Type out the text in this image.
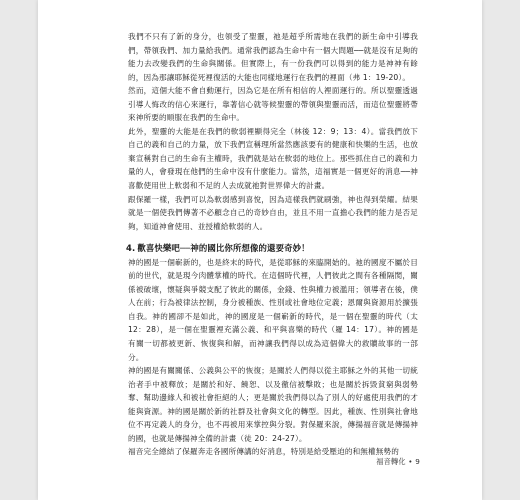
我們不只有了新的身分，也領受了聖靈，祂是超乎所需地在我們的新生命中引導我們，帶領我們、加力量給我們。通常我們認為生命中有一個大問題──就是沒有足夠的能力去改變我們的生命與關係。但實際上，有一份我們可以得到的能力是神神有餘的，因為那讓耶穌從死裡復活的大能也同樣地運行在我們的裡面（弗 1：19-20）。

然而，這個大能不會自動運行，因為它是在所有相信的人裡面運行的。所以聖靈透過引導人悔改的信心來運行，靠著信心就等候聖靈的帶領與聖靈而活，而這位聖靈將帶來神所要的順服在我們的生命中。

此外，聖靈的大能是在我們的軟弱裡顯得完全（林後 12：9；13：4）。當我們放下自己的義和自己的力量，放下我們宣稱理所當然應該要有的健康和快樂的生活，也放棄宣稱對自己的生命有主權時，我們就是站在軟弱的地位上。那些抓住自己的義和力量的人，會發現在他們的生命中沒有什麼能力。當然，這福實是一個更好的消息──神喜歡使用世上軟弱和不足的人去成就祂對世界偉大的計畫。

跟保羅一樣，我們可以為軟弱感到喜悅，因為這樣我們就刷強，神也得到榮耀。結果就是一個使我們傳著不必顧念自己的奇妙自由，並且不用一直擔心我們的能力是否足夠，知道神會使用、並授權給軟弱的人。

4. 歡喜快樂吧──神的國比你所想像的還要奇妙！

神的國是一個嶄新的，也是終末的時代，是從耶穌的來臨開始的。祂的國度不屬於目前的世代，就是現今肉體掌權的時代。在這個時代裡，人們彼此之間有各種隔閡，關係被破壞，懷疑與爭競支配了彼此的關係，金錢、性與權力被濫用；領導者在後，僕人在前；行為被律法控制，身分被種族、性別或社會地位定義；恩爾與資源用於擴張自我。神的國卻不是如此，神的國度是一個嶄新的時代，是一個在聖靈的時代（太 12：28），是一個在聖靈裡充滿公義、和平與喜樂的時代（羅 14：17）。神的國是有關一切都被更新、恢復與和解，而神讓我們得以成為這個偉大的救贖故事的一部分。

神的國是有關關係、公義與公平的恢復；是關於人們得以從主耶穌之外的其他一切統治者手中被釋放；是關於和好、饒恕、以及徹信被擊敗；也是關於拆毀貧窮與弱勢奪、幫助邊緣人和被社會拒絕的人；更是關於我們得以為了別人的好處使用我們的才能與資源。神的國是關於新的社群及社會與文化的轉型。因此，種族、性別與社會地位不再定義人的身分，也不再被用來掌控與分裂。對保羅來說，傳揚福音就是傳揚神的國，也就是傳揚神全備的計畫（徒 20：24-27）。

福音完全總結了保羅奔走各國所傳講的好消息，特別是給受壓迫的和無權無勢的

福音轉化 • 9
